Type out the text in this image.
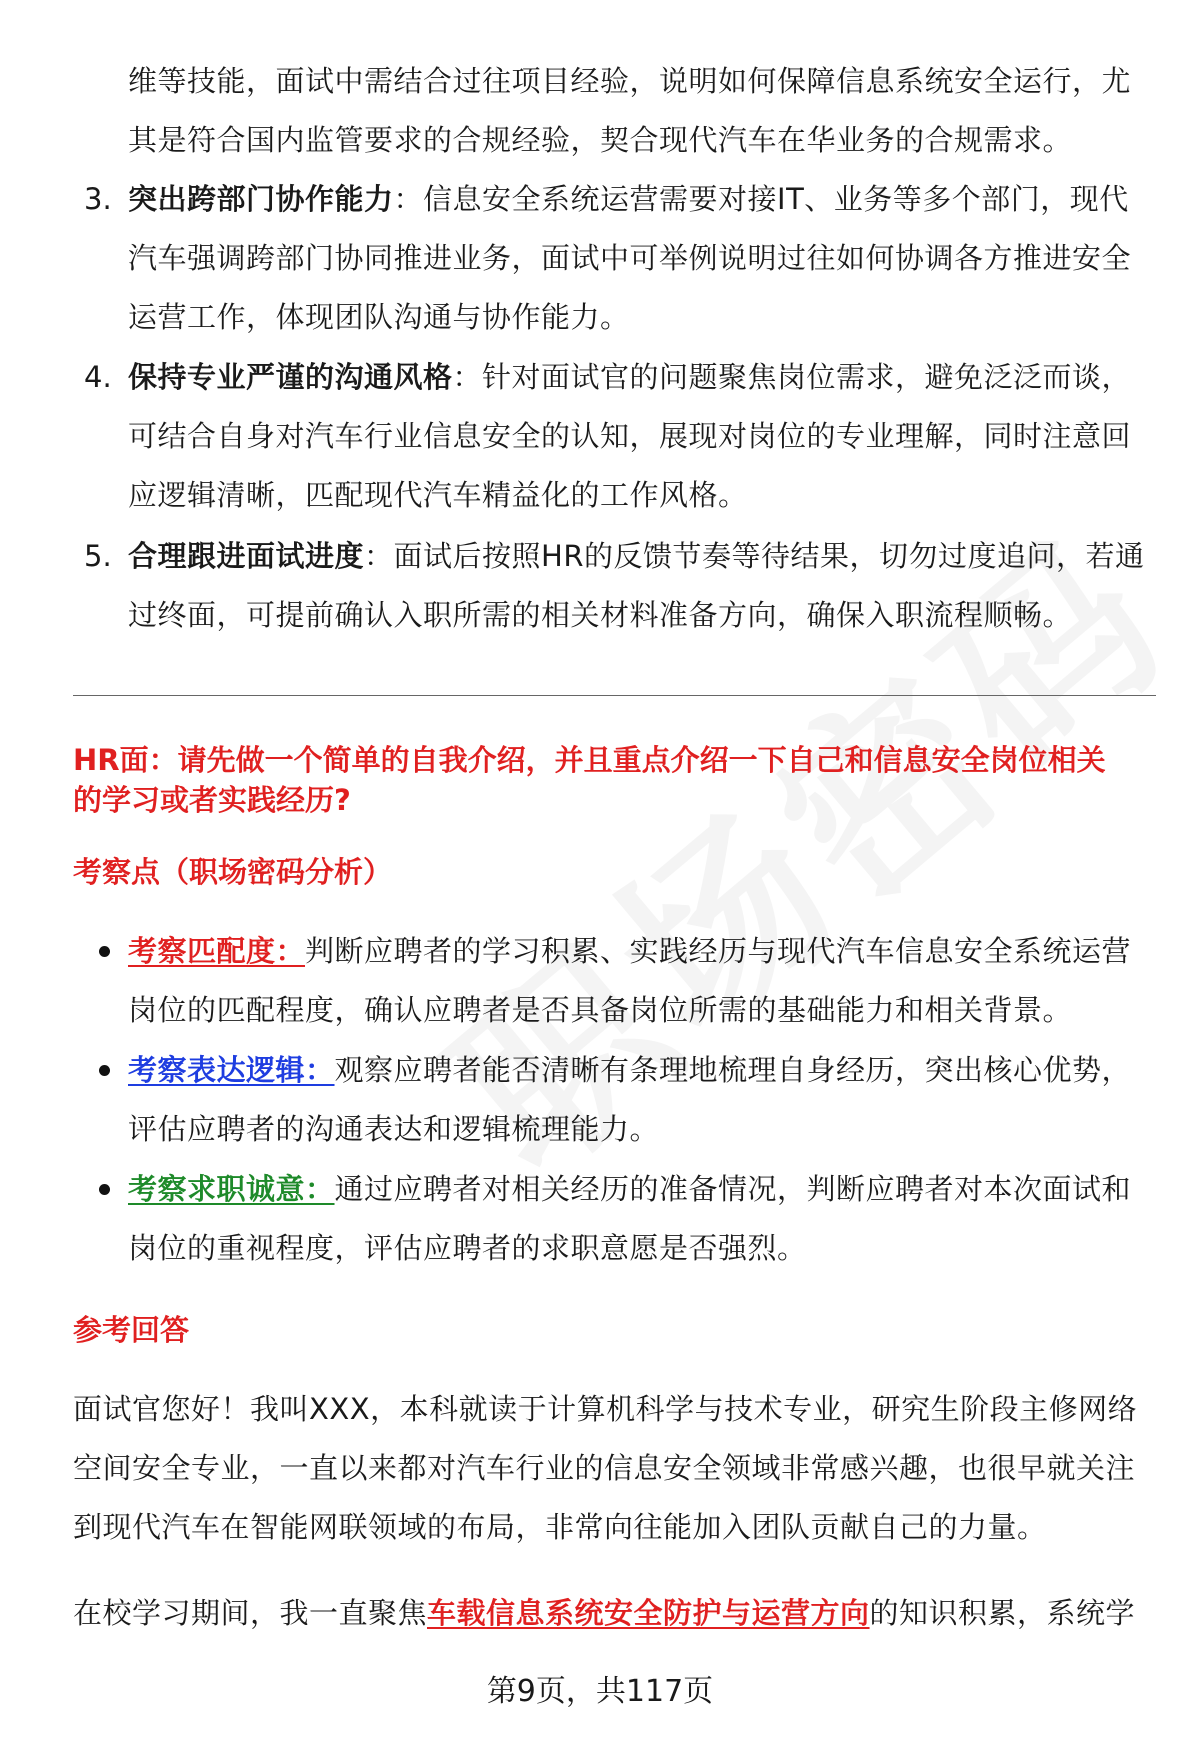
维等技能，面试中需结合过往项目经验，说明如何保障信息系统安全运行，尤
其是符合国内监管要求的合规经验，契合现代汽车在华业务的合规需求。
3. 突出跨部门协作能力：信息安全系统运营需要对接IT、业务等多个部门，现代
汽车强调跨部门协同推进业务，面试中可举例说明过往如何协调各方推进安全
运营工作，体现团队沟通与协作能力。
4. 保持专业严谨的沟通风格：针对面试官的问题聚焦岗位需求，避免泛泛而谈，
可结合自身对汽车行业信息安全的认知，展现对岗位的专业理解，同时注意回
应逻辑清晰，匹配现代汽车精益化的工作风格。
5. 合理跟进面试进度：面试后按照HR的反馈节奏等待结果，切勿过度追问，若通
过终面，可提前确认入职所需的相关材料准备方向，确保入职流程顺畅。
HR面：请先做一个简单的自我介绍，并且重点介绍一下自己和信息安全岗位相关
的学习或者实践经历?
考察点（职场密码分析）
考察匹配度：判断应聘者的学习积累、实践经历与现代汽车信息安全系统运营
岗位的匹配程度，确认应聘者是否具备岗位所需的基础能力和相关背景。
考察表达逻辑：观察应聘者能否清晰有条理地梳理自身经历，突出核心优势，
评估应聘者的沟通表达和逻辑梳理能力。
考察求职诚意：通过应聘者对相关经历的准备情况，判断应聘者对本次面试和
岗位的重视程度，评估应聘者的求职意愿是否强烈。
参考回答
面试官您好！我叫XXX，本科就读于计算机科学与技术专业，研究生阶段主修网络
空间安全专业，一直以来都对汽车行业的信息安全领域非常感兴趣，也很早就关注
到现代汽车在智能网联领域的布局，非常向往能加入团队贡献自己的力量。
在校学习期间，我一直聚焦车载信息系统安全防护与运营方向的知识积累，系统学
第9页，共117页
